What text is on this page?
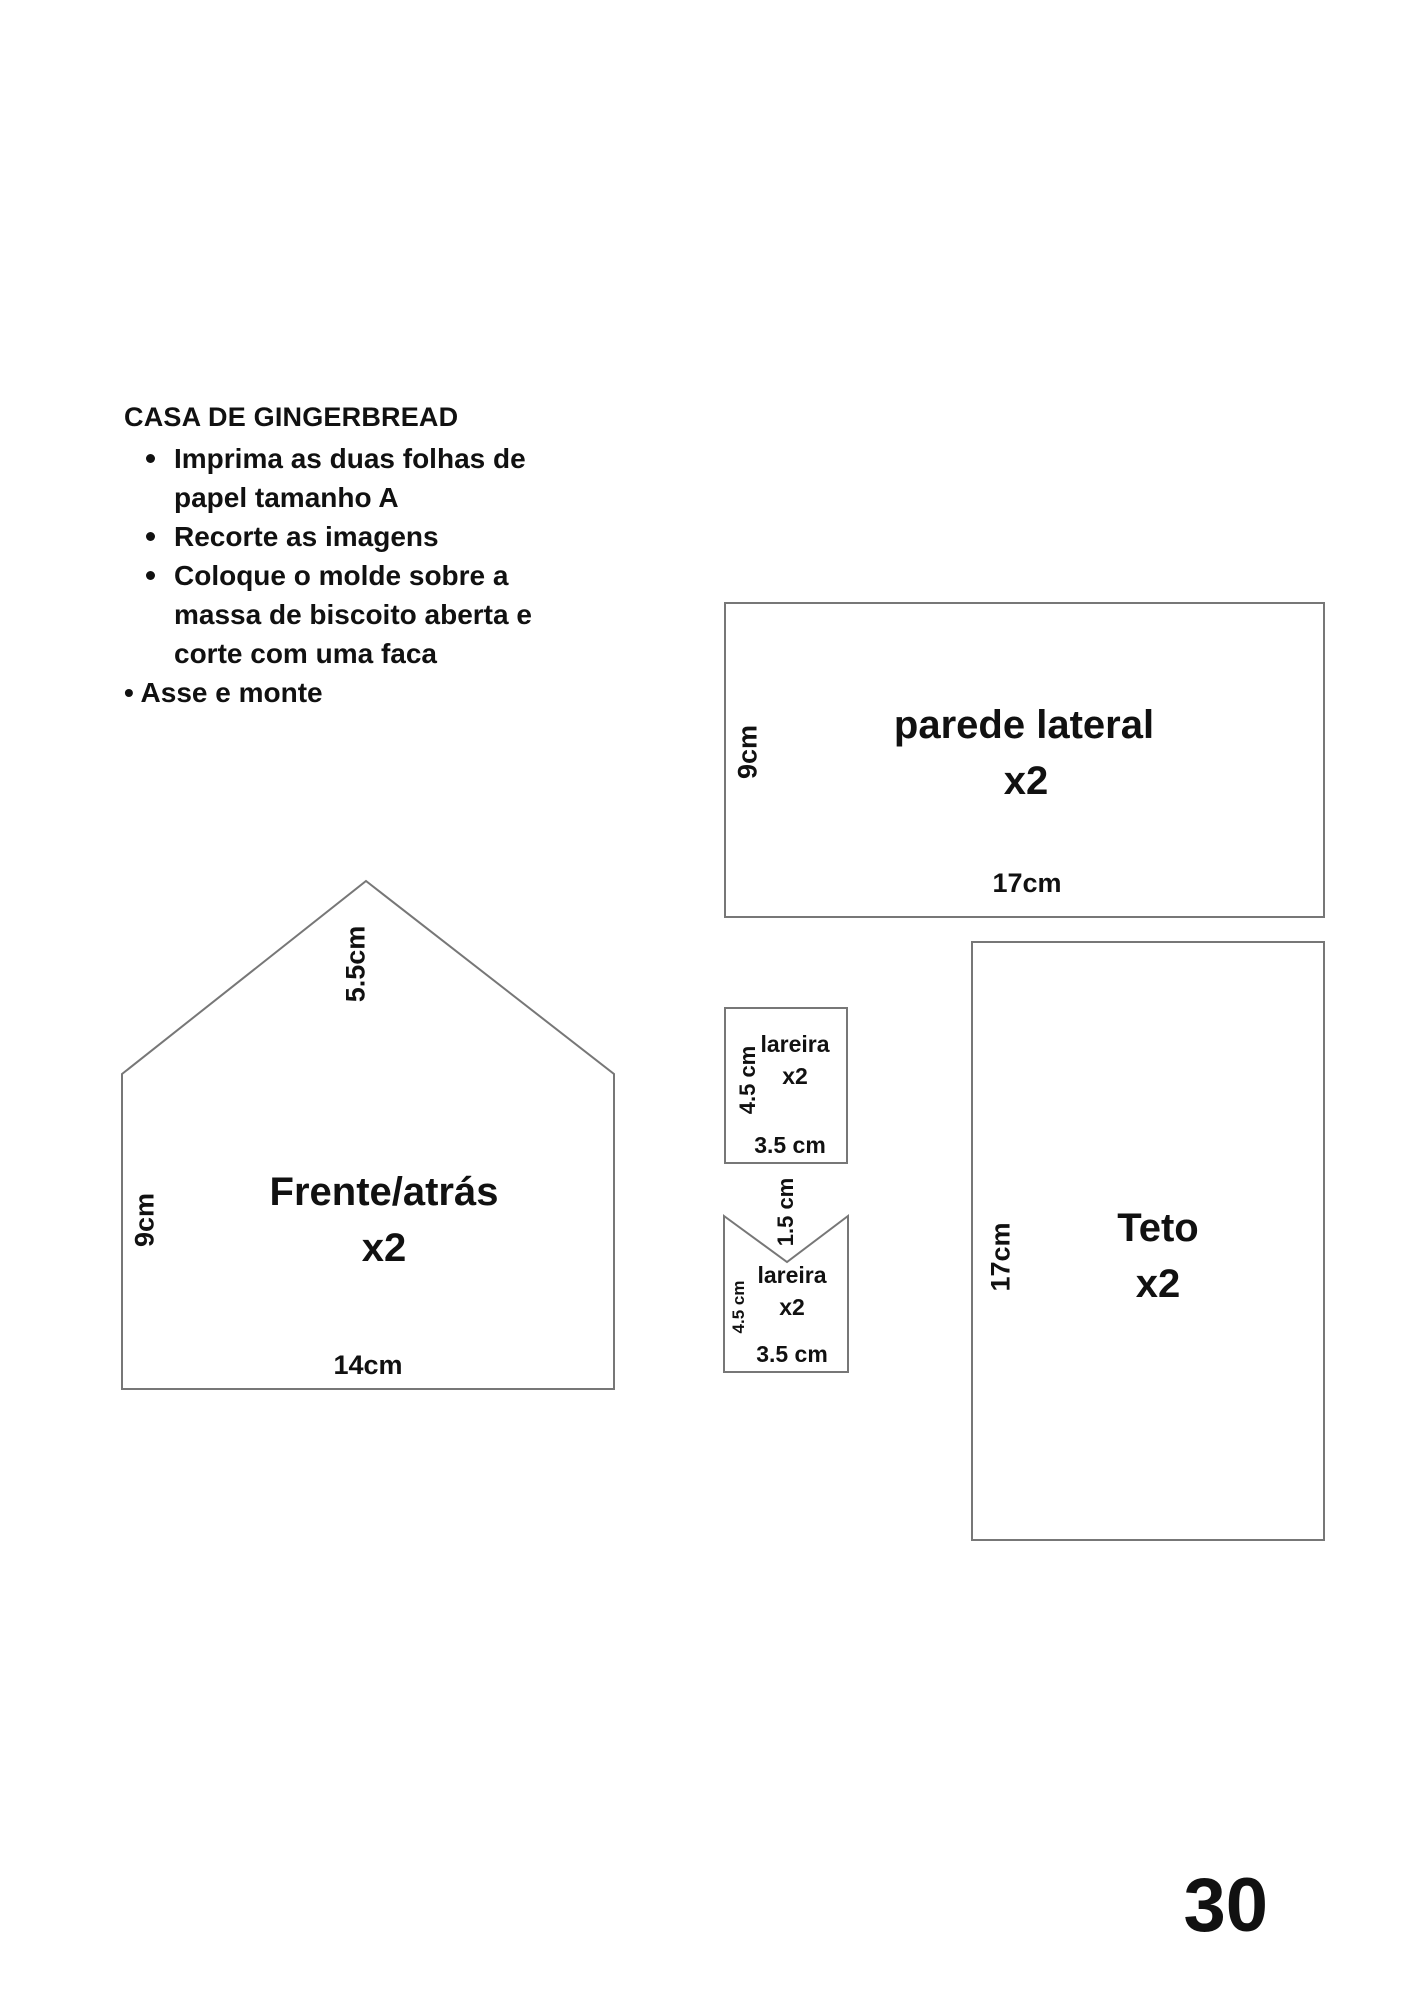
CASA DE GINGERBREAD
Imprima as duas folhas de papel tamanho A
Recorte as imagens
Coloque o molde sobre a massa de biscoito aberta e corte com uma faca
• Asse e monte
parede lateral
x2
17cm
9cm
Frente/atrás
x2
14cm
9cm
5.5cm
Teto
x2
17cm
lareira
x2
3.5 cm
4.5 cm
lareira
x2
3.5 cm
4.5 cm
1.5 cm
30
